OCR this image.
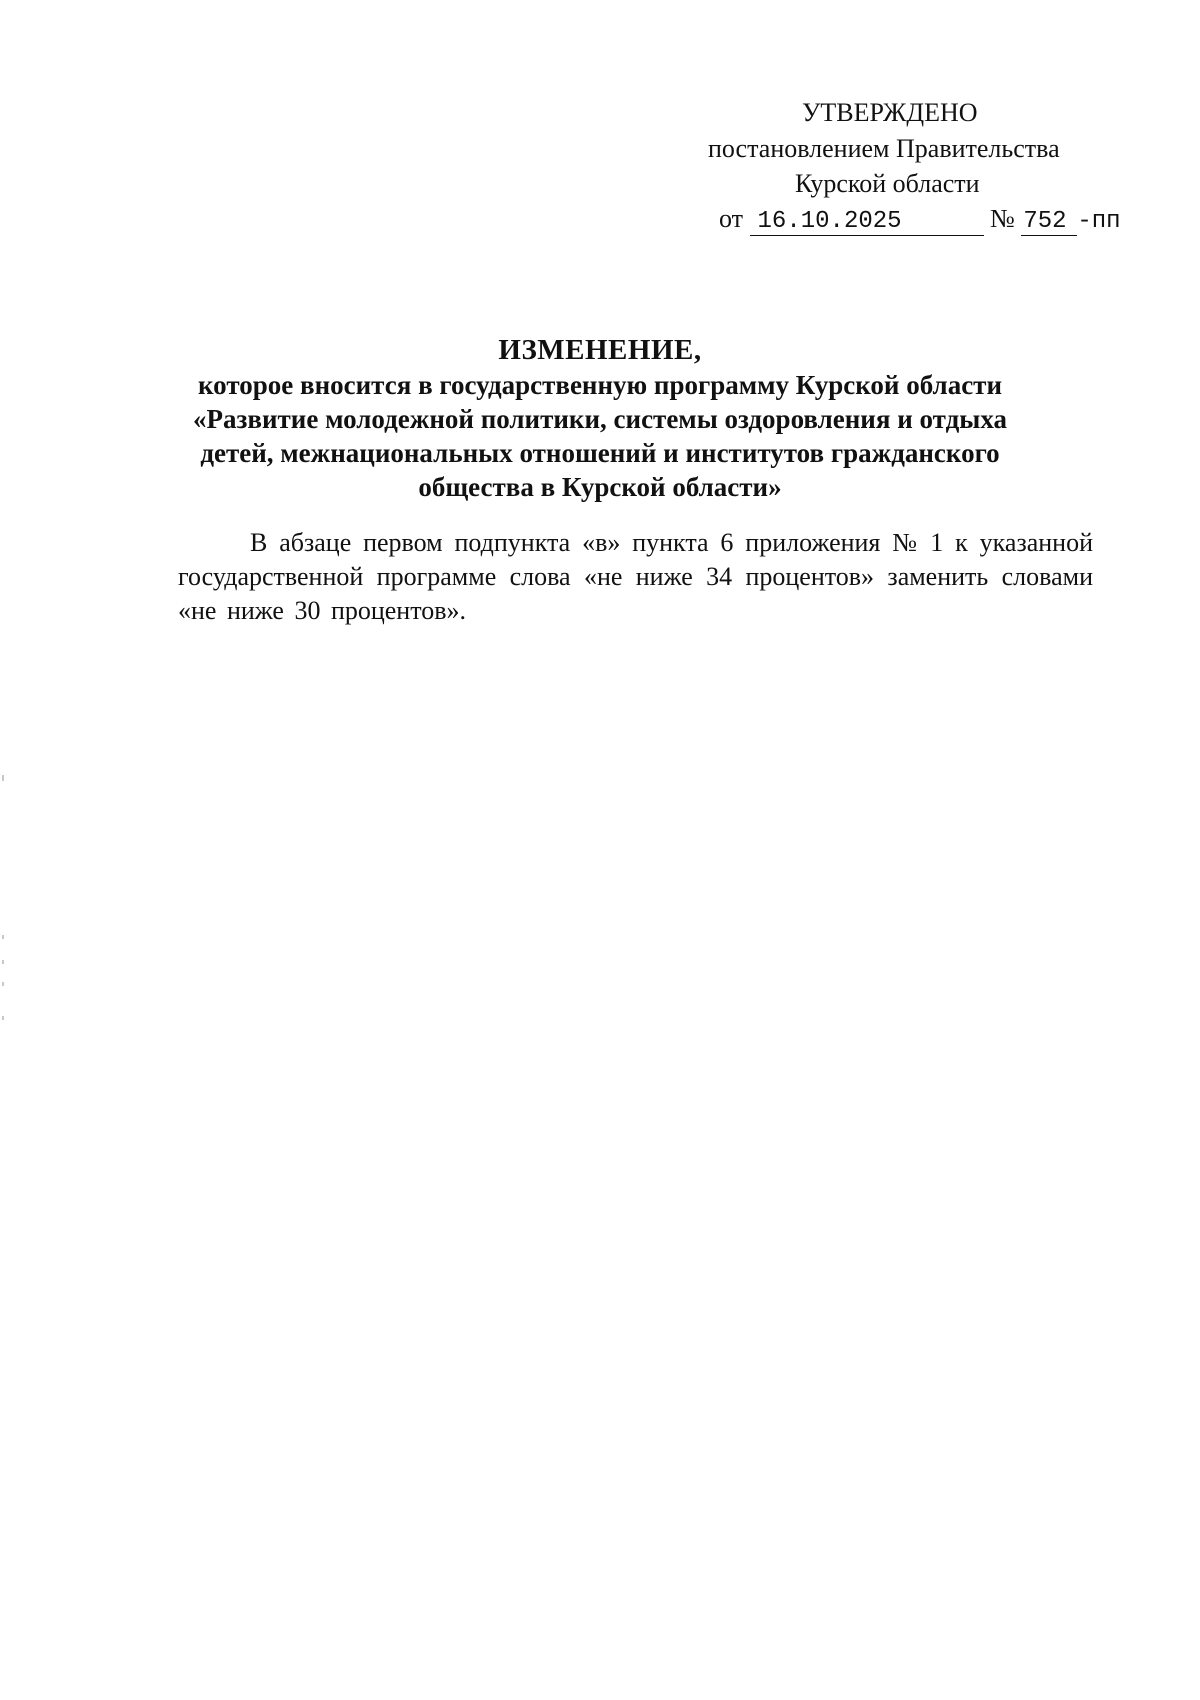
УТВЕРЖДЕНО
постановлением Правительства
Курской области
от 16.10.2025	№ 752 -пп
ИЗМЕНЕНИЕ,
которое вносится в государственную программу Курской области
«Развитие молодежной политики, системы оздоровления и отдыха
детей, межнациональных отношений и институтов гражданского
общества в Курской области»
В абзаце первом подпункта «в» пункта 6 приложения № 1 к указанной государственной программе слова «не ниже 34 процентов» заменить словами «не ниже 30 процентов».
